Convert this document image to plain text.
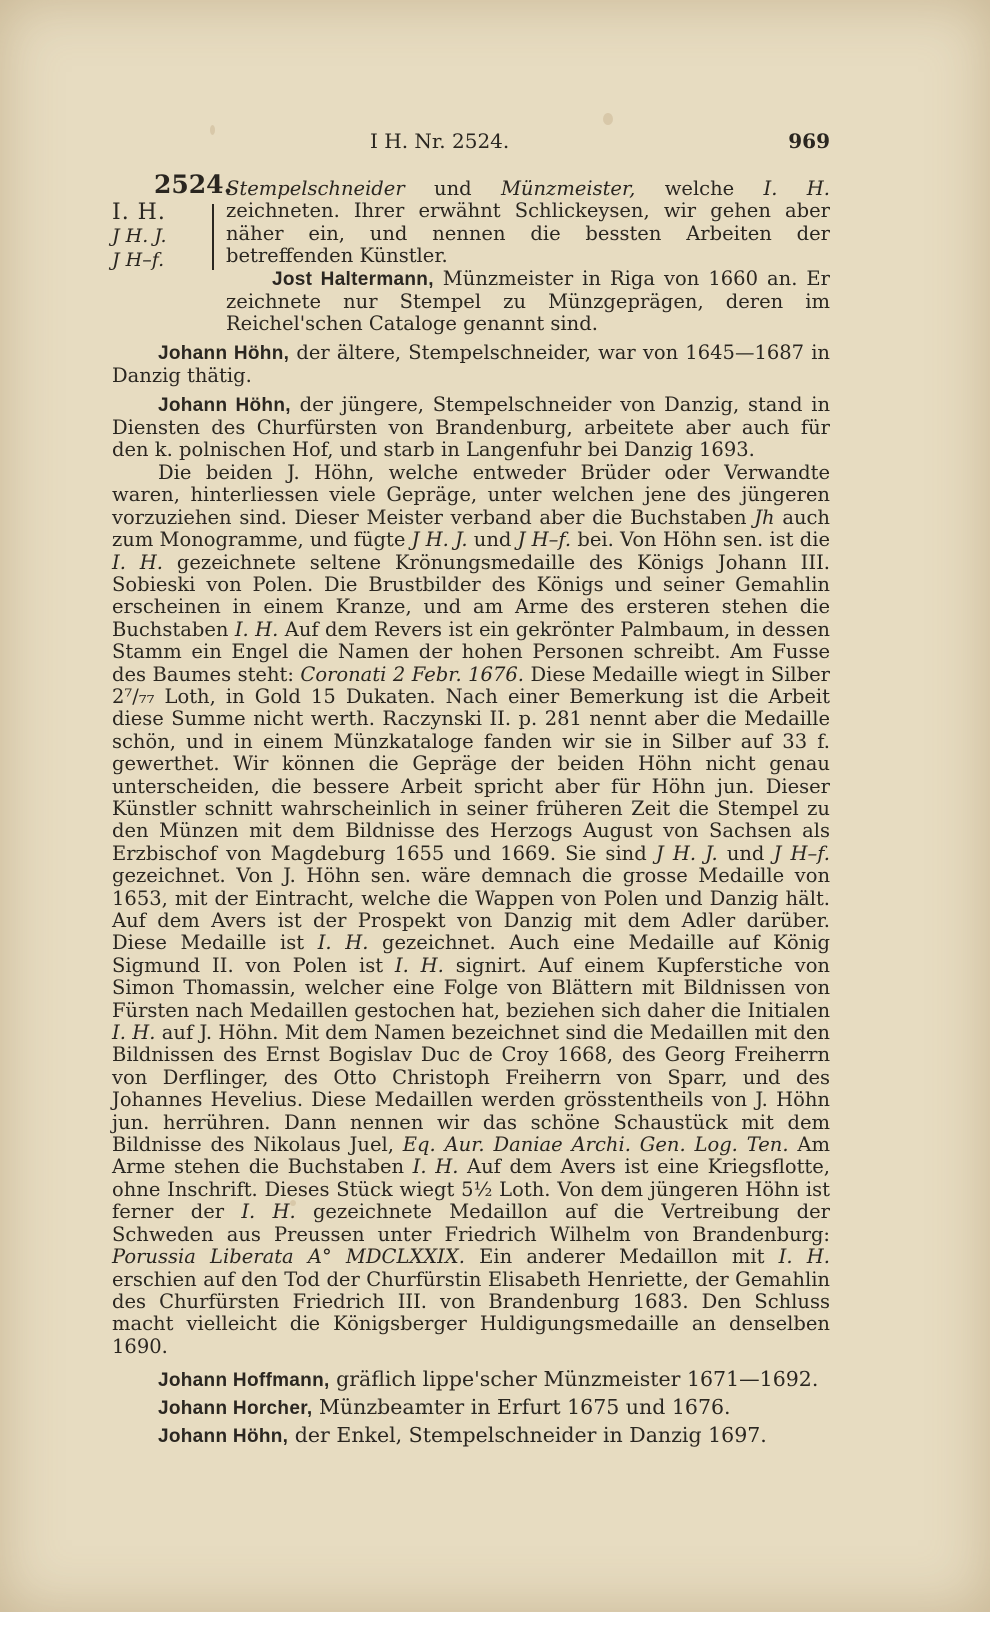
I H. Nr. 2524.	969
2524.
I. H.
J H. J.
J H–f.

Stempelschneider und Münzmeister, welche I. H. zeichneten. Ihrer erwähnt Schlickeysen, wir gehen aber näher ein, und nennen die bessten Arbeiten der betreffenden Künstler.

Jost Haltermann, Münzmeister in Riga von 1660 an. Er zeichnete nur Stempel zu Münzgeprägen, deren im Reichel'schen Cataloge genannt sind.

Johann Höhn, der ältere, Stempelschneider, war von 1645—1687 in Danzig thätig.

Johann Höhn, der jüngere, Stempelschneider von Danzig, stand in Diensten des Churfürsten von Brandenburg, arbeitete aber auch für den k. polnischen Hof, und starb in Langenfuhr bei Danzig 1693.

Die beiden J. Höhn, welche entweder Brüder oder Verwandte waren, hinterliessen viele Gepräge, unter welchen jene des jüngeren vorzuziehen sind. Dieser Meister verband aber die Buchstaben Jh auch zum Monogramme, und fügte J H. J. und J H–f. bei. Von Höhn sen. ist die I. H. gezeichnete seltene Krönungsmedaille des Königs Johann III. Sobieski von Polen. Die Brustbilder des Königs und seiner Gemahlin erscheinen in einem Kranze, und am Arme des ersteren stehen die Buchstaben I. H. Auf dem Revers ist ein gekrönter Palmbaum, in dessen Stamm ein Engel die Namen der hohen Personen schreibt. Am Fusse des Baumes steht: Coronati 2 Febr. 1676. Diese Medaille wiegt in Silber 2⁷/₇₇ Loth, in Gold 15 Dukaten. Nach einer Bemerkung ist die Arbeit diese Summe nicht werth. Raczynski II. p. 281 nennt aber die Medaille schön, und in einem Münzkataloge fanden wir sie in Silber auf 33 f. gewerthet. Wir können die Gepräge der beiden Höhn nicht genau unterscheiden, die bessere Arbeit spricht aber für Höhn jun. Dieser Künstler schnitt wahrscheinlich in seiner früheren Zeit die Stempel zu den Münzen mit dem Bildnisse des Herzogs August von Sachsen als Erzbischof von Magdeburg 1655 und 1669. Sie sind J H. J. und J H–f. gezeichnet. Von J. Höhn sen. wäre demnach die grosse Medaille von 1653, mit der Eintracht, welche die Wappen von Polen und Danzig hält. Auf dem Avers ist der Prospekt von Danzig mit dem Adler darüber. Diese Medaille ist I. H. gezeichnet. Auch eine Medaille auf König Sigmund II. von Polen ist I. H. signirt. Auf einem Kupferstiche von Simon Thomassin, welcher eine Folge von Blättern mit Bildnissen von Fürsten nach Medaillen gestochen hat, beziehen sich daher die Initialen I. H. auf J. Höhn. Mit dem Namen bezeichnet sind die Medaillen mit den Bildnissen des Ernst Bogislav Duc de Croy 1668, des Georg Freiherrn von Derflinger, des Otto Christoph Freiherrn von Sparr, und des Johannes Hevelius. Diese Medaillen werden grösstentheils von J. Höhn jun. herrühren. Dann nennen wir das schöne Schaustück mit dem Bildnisse des Nikolaus Juel, Eq. Aur. Daniae Archi. Gen. Log. Ten. Am Arme stehen die Buchstaben I. H. Auf dem Avers ist eine Kriegsflotte, ohne Inschrift. Dieses Stück wiegt 5½ Loth. Von dem jüngeren Höhn ist ferner der I. H. gezeichnete Medaillon auf die Vertreibung der Schweden aus Preussen unter Friedrich Wilhelm von Brandenburg: Porussia Liberata A° MDCLXXIX. Ein anderer Medaillon mit I. H. erschien auf den Tod der Churfürstin Elisabeth Henriette, der Gemahlin des Churfürsten Friedrich III. von Brandenburg 1683. Den Schluss macht vielleicht die Königsberger Huldigungsmedaille an denselben 1690.

Johann Hoffmann, gräflich lippe'scher Münzmeister 1671—1692.

Johann Horcher, Münzbeamter in Erfurt 1675 und 1676.

Johann Höhn, der Enkel, Stempelschneider in Danzig 1697.
